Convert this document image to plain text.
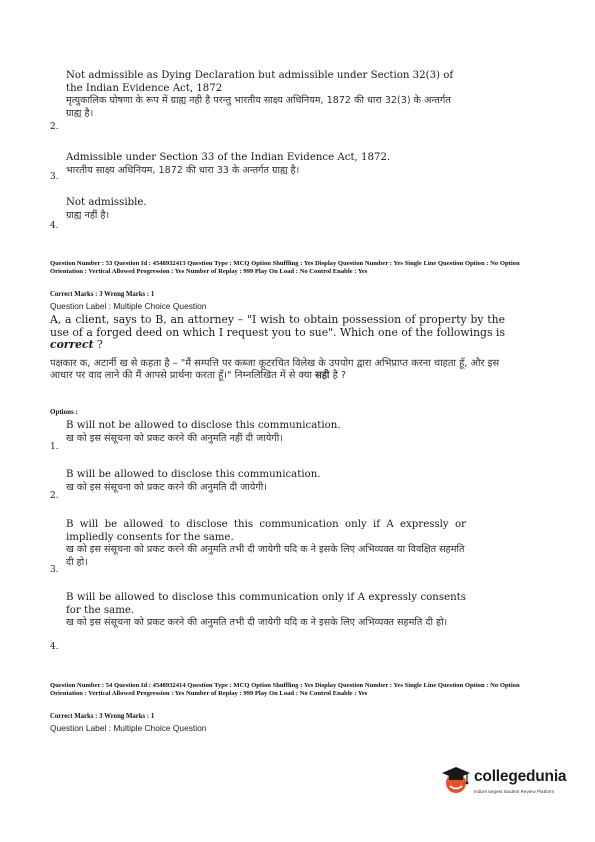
2.
Not admissible as Dying Declaration but admissible under Section 32(3) of the Indian Evidence Act, 1872
मृत्युकालिक घोषणा के रूप में ग्राह्य नही है परन्तु भारतीय साक्ष्य अधिनियम, 1872 की धारा 32(3) के अन्तर्गत ग्राह्य है।
3.
Admissible under Section 33 of the Indian Evidence Act, 1872.
भारतीय साक्ष्य अधिनियम, 1872 की धारा 33 के अन्तर्गत ग्राह्य है।
4.
Not admissible.
ग्राह्य नहीं है।
Question Number : 53 Question Id : 4548932413 Question Type : MCQ Option Shuffling : Yes Display Question Number : Yes Single Line Question Option : No Option Orientation : Vertical Allowed Progression : Yes Number of Replay : 999 Play On Load : No Control Enable : Yes
Correct Marks : 3 Wrong Marks : 1
Question Label : Multiple Choice Question
A, a client, says to B, an attorney – "I wish to obtain possession of property by the use of a forged deed on which I request you to sue". Which one of the followings is correct ?
पक्षकार क, अटार्नी ख से कहता है – "मैं सम्पत्ति पर कब्जा कूटरचित विलेख के उपयोग द्वारा अभिप्राप्त करना चाहता हूँ, और इस आधार पर वाद लाने की मैं आपसे प्रार्थना करता हूँ।" निम्नलिखित में से क्या सही है ?
Options :
1.
B will not be allowed to disclose this communication.
ख को इस संसूचना को प्रकट करने की अनुमति नहीं दी जायेगी।
2.
B will be allowed to disclose this communication.
ख को इस संसूचना को प्रकट करने की अनुमति दी जायेगी।
3.
B will be allowed to disclose this communication only if A expressly or impliedly consents for the same.
ख को इस संसूचना को प्रकट करने की अनुमति तभी दी जायेगी यदि क ने इसके लिए अभिव्यक्त या विवक्षित सहमति दी हो।
4.
B will be allowed to disclose this communication only if A expressly consents for the same.
ख को इस संसूचना को प्रकट करने की अनुमति तभी दी जायेगी यदि क ने इसके लिए अभिव्यक्त सहमति दी हो।
Question Number : 54 Question Id : 4548932414 Question Type : MCQ Option Shuffling : Yes Display Question Number : Yes Single Line Question Option : No Option Orientation : Vertical Allowed Progression : Yes Number of Replay : 999 Play On Load : No Control Enable : Yes
Correct Marks : 3 Wrong Marks : 1
Question Label : Multiple Choice Question
collegedunia
India's largest Student Review Platform
